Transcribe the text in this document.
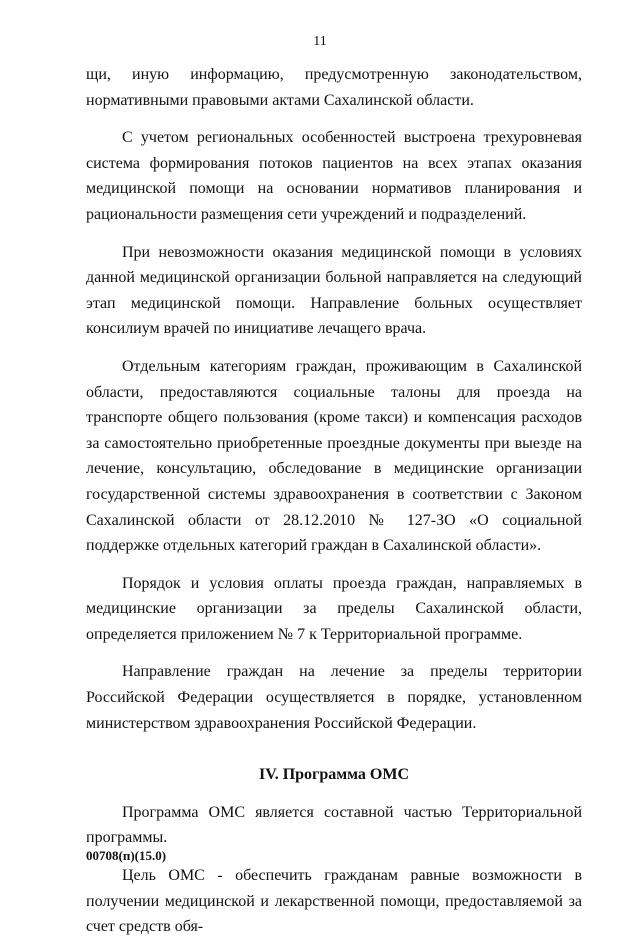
11

щи, иную информацию, предусмотренную законодательством, нормативными правовыми актами Сахалинской области.

С учетом региональных особенностей выстроена трехуровневая система формирования потоков пациентов на всех этапах оказания медицинской помощи на основании нормативов планирования и рациональности размещения сети учреждений и подразделений.

При невозможности оказания медицинской помощи в условиях данной медицинской организации больной направляется на следующий этап медицинской помощи. Направление больных осуществляет консилиум врачей по инициативе лечащего врача.

Отдельным категориям граждан, проживающим в Сахалинской области, предоставляются социальные талоны для проезда на транспорте общего пользования (кроме такси) и компенсация расходов за самостоятельно приобретенные проездные документы при выезде на лечение, консультацию, обследование в медицинские организации государственной системы здравоохранения в соответствии с Законом Сахалинской области от 28.12.2010 № 127-ЗО «О социальной поддержке отдельных категорий граждан в Сахалинской области».

Порядок и условия оплаты проезда граждан, направляемых в медицинские организации за пределы Сахалинской области, определяется приложением № 7 к Территориальной программе.

Направление граждан на лечение за пределы территории Российской Федерации осуществляется в порядке, установленном министерством здравоохранения Российской Федерации.

IV. Программа ОМС

Программа ОМС является составной частью Территориальной программы.

Цель ОМС - обеспечить гражданам равные возможности в получении медицинской и лекарственной помощи, предоставляемой за счет средств обя-

00708(п)(15.0)
